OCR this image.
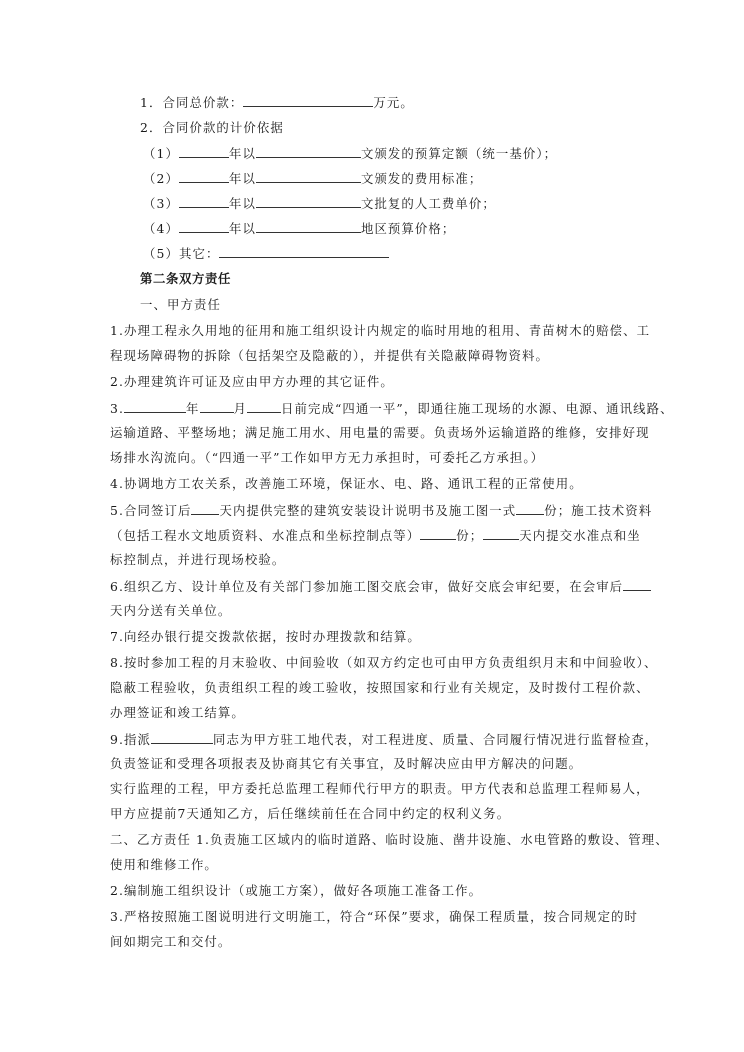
1．合同总价款：	万元。
2．合同价款的计价依据
（1）	年以	文颁发的预算定额（统一基价）；
（2）	年以	文颁发的费用标准；
（3）	年以	文批复的人工费单价；
（4）	年以	地区预算价格；
（5）其它：
第二条双方责任
一、甲方责任
1.办理工程永久用地的征用和施工组织设计内规定的临时用地的租用、青苗树木的赔偿、工
程现场障碍物的拆除（包括架空及隐蔽的），并提供有关隐蔽障碍物资料。
2.办理建筑许可证及应由甲方办理的其它证件。
3.	年	月	日前完成“四通一平”，即通往施工现场的水源、电源、通讯线路、
运输道路、平整场地；满足施工用水、用电量的需要。负责场外运输道路的维修，安排好现
场排水沟流向。（“四通一平”工作如甲方无力承担时，可委托乙方承担。）
4.协调地方工农关系，改善施工环境，保证水、电、路、通讯工程的正常使用。
5.合同签订后 天内提供完整的建筑安装设计说明书及施工图一式 份；施工技术资料
（包括工程水文地质资料、水准点和坐标控制点等）	份；	天内提交水准点和坐
标控制点，并进行现场校验。
6.组织乙方、设计单位及有关部门参加施工图交底会审，做好交底会审纪要，在会审后
天内分送有关单位。
7.向经办银行提交拨款依据，按时办理拨款和结算。
8.按时参加工程的月末验收、中间验收（如双方约定也可由甲方负责组织月末和中间验收）、
隐蔽工程验收，负责组织工程的竣工验收，按照国家和行业有关规定，及时拨付工程价款、
办理签证和竣工结算。
9.指派	同志为甲方驻工地代表，对工程进度、质量、合同履行情况进行监督检查，
负责签证和受理各项报表及协商其它有关事宜，及时解决应由甲方解决的问题。
实行监理的工程，甲方委托总监理工程师代行甲方的职责。甲方代表和总监理工程师易人，
甲方应提前7天通知乙方，后任继续前任在合同中约定的权利义务。
二、乙方责任 1.负责施工区域内的临时道路、临时设施、凿井设施、水电管路的敷设、管理、
使用和维修工作。
2.编制施工组织设计（或施工方案），做好各项施工准备工作。
3.严格按照施工图说明进行文明施工，符合“环保”要求，确保工程质量，按合同规定的时
间如期完工和交付。
